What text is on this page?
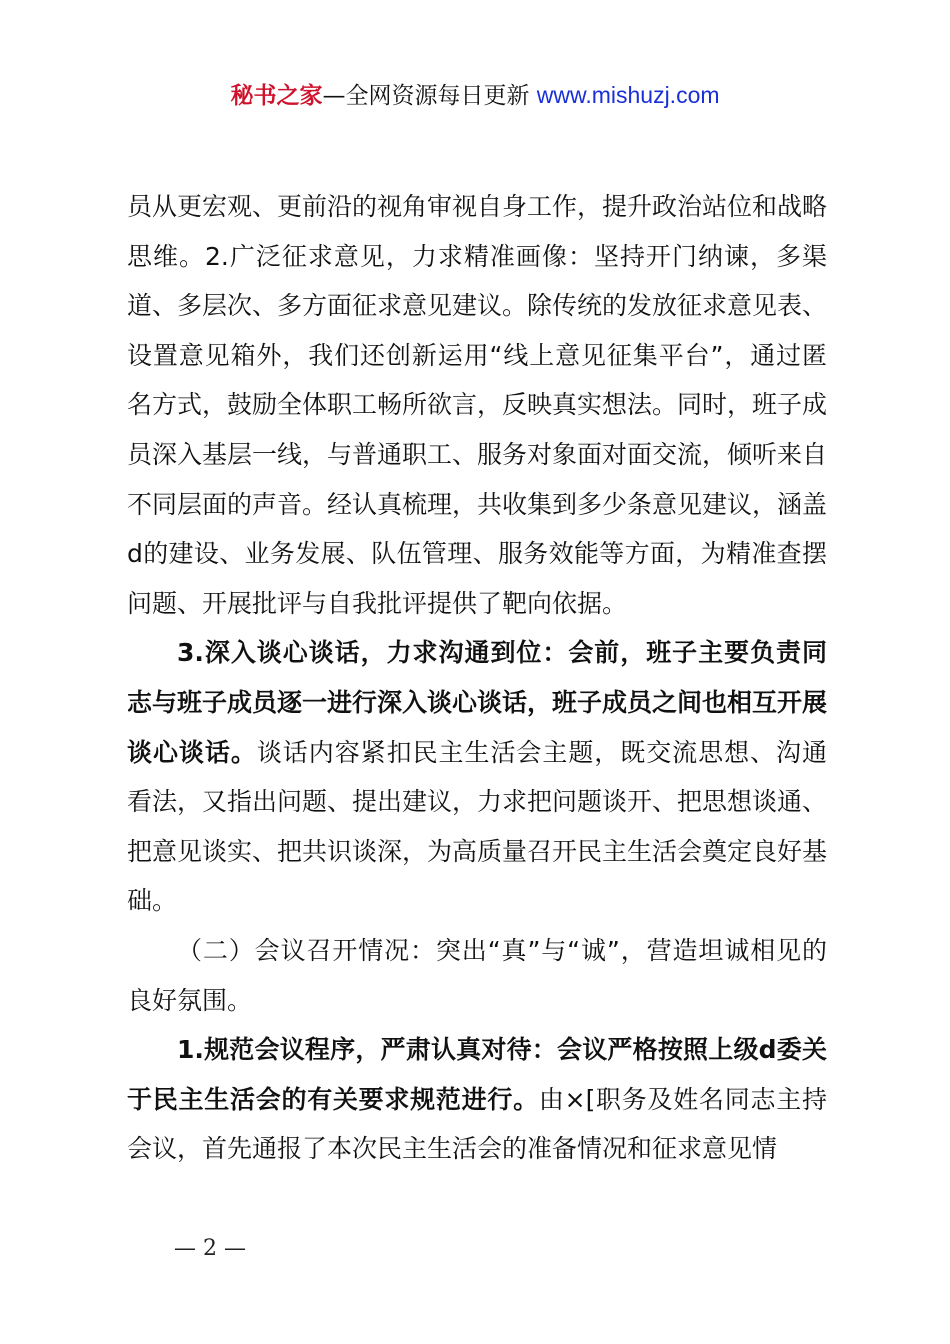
秘书之家—全网资源每日更新 www.mishuzj.com

员从更宏观、更前沿的视角审视自身工作，提升政治站位和战略思维。2.广泛征求意见，力求精准画像：坚持开门纳谏，多渠道、多层次、多方面征求意见建议。除传统的发放征求意见表、设置意见箱外，我们还创新运用“线上意见征集平台”，通过匿名方式，鼓励全体职工畅所欲言，反映真实想法。同时，班子成员深入基层一线，与普通职工、服务对象面对面交流，倾听来自不同层面的声音。经认真梳理，共收集到多少条意见建议，涵盖d的建设、业务发展、队伍管理、服务效能等方面，为精准查摆问题、开展批评与自我批评提供了靶向依据。

3.深入谈心谈话，力求沟通到位：会前，班子主要负责同志与班子成员逐一进行深入谈心谈话，班子成员之间也相互开展谈心谈话。谈话内容紧扣民主生活会主题，既交流思想、沟通看法，又指出问题、提出建议，力求把问题谈开、把思想谈通、把意见谈实、把共识谈深，为高质量召开民主生活会奠定良好基础。

（二）会议召开情况：突出“真”与“诚”，营造坦诚相见的良好氛围。

1.规范会议程序，严肃认真对待：会议严格按照上级d委关于民主生活会的有关要求规范进行。由×[职务及姓名同志主持会议，首先通报了本次民主生活会的准备情况和征求意见情

— 2 —
